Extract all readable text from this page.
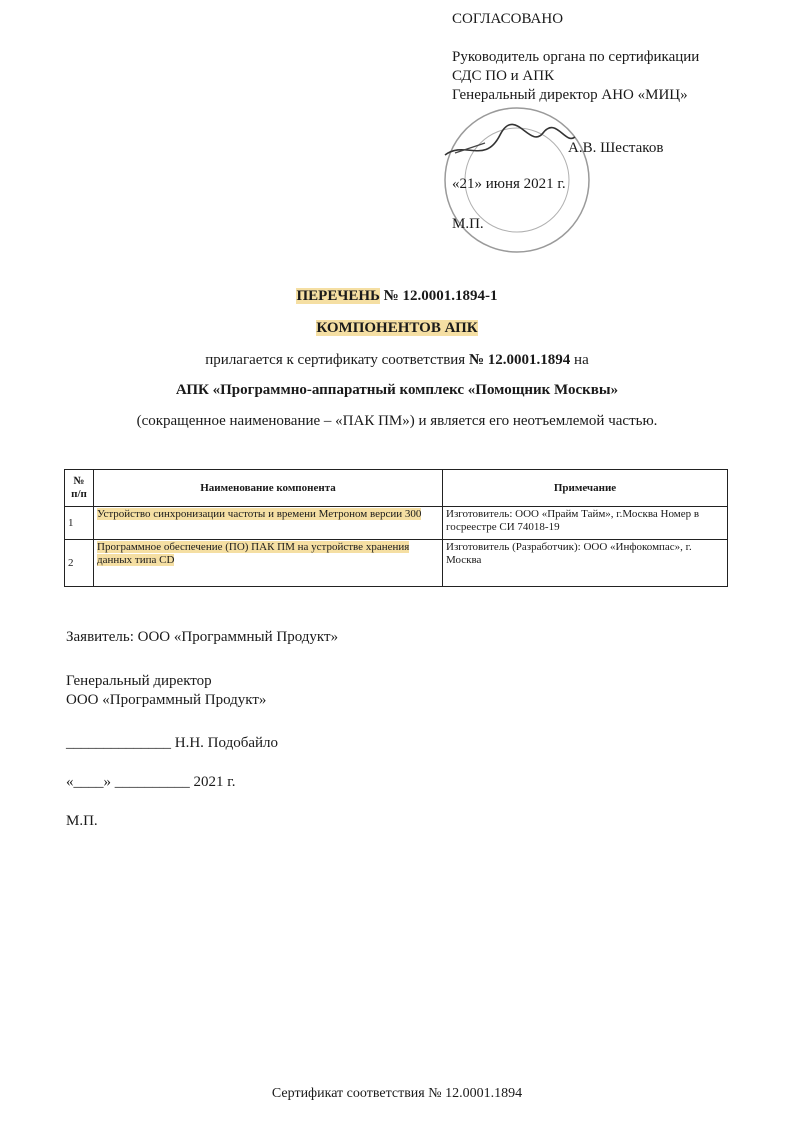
СОГЛАСОВАНО
Руководитель органа по сертификации
СДС ПО и АПК
Генеральный директор АНО «МИЦ»
А.В. Шестаков
«21» июня 2021 г.
М.П.
ПЕРЕЧЕНЬ № 12.0001.1894-1
КОМПОНЕНТОВ АПК
прилагается к сертификату соответствия № 12.0001.1894 на
АПК «Программно-аппаратный комплекс «Помощник Москвы»
(сокращенное наименование – «ПАК ПМ») и является его неотъемлемой частью.
№ п/п	Наименование компонента	Примечание
1	Устройство синхронизации частоты и времени Метроном версии 300	Изготовитель: ООО «Прайм Тайм», г.Москва Номер в госреестре СИ 74018-19
2	Программное обеспечение (ПО) ПАК ПМ на устройстве хранения данных типа CD	Изготовитель (Разработчик): ООО «Инфокомпас», г. Москва
Заявитель: ООО «Программный Продукт»
Генеральный директор
ООО «Программный Продукт»
______________ Н.Н. Подобайло
«____» __________ 2021 г.
М.П.
Сертификат соответствия № 12.0001.1894
